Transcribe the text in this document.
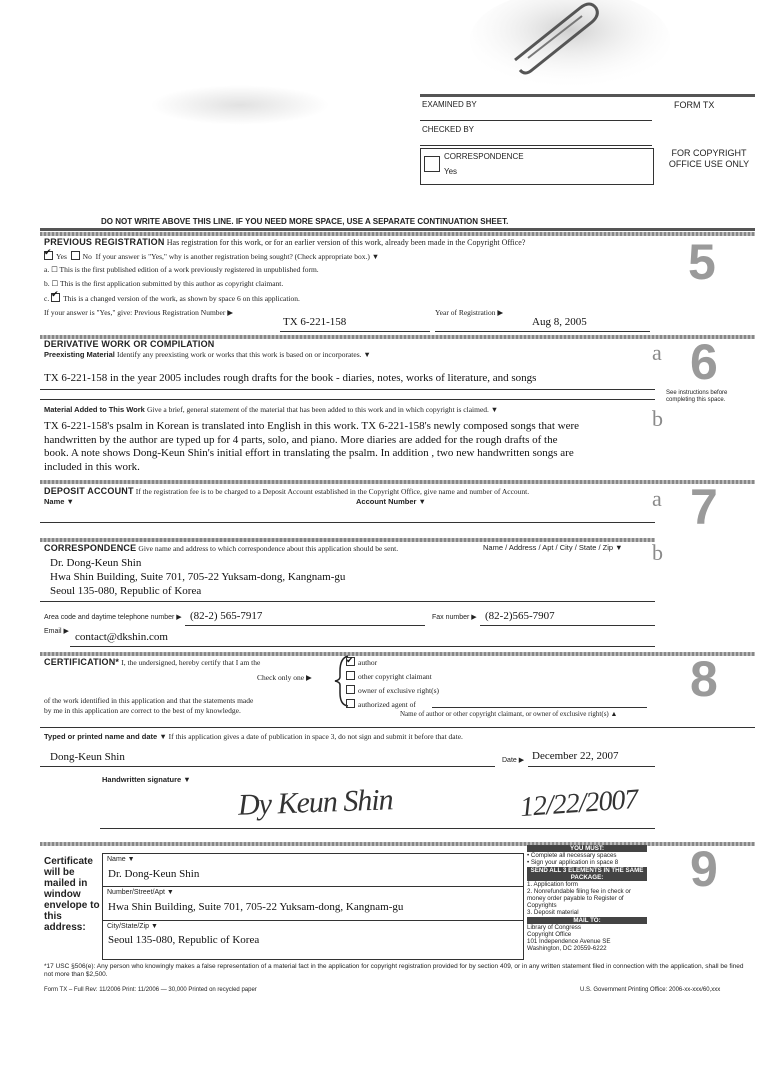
EXAMINED BY
CHECKED BY
CORRESPONDENCE
Yes
FORM TX
FOR COPYRIGHT OFFICE USE ONLY
DO NOT WRITE ABOVE THIS LINE. IF YOU NEED MORE SPACE, USE A SEPARATE CONTINUATION SHEET.
PREVIOUS REGISTRATION Has registration for this work, or for an earlier version of this work, already been made in the Copyright Office?
✔Yes No If your answer is "Yes," why is another registration being sought? (Check appropriate box.) ▼
a. ☐ This is the first published edition of a work previously registered in unpublished form.
b. ☐ This is the first application submitted by this author as copyright claimant.
c. ✔ This is a changed version of the work, as shown by space 6 on this application.
If your answer is "Yes," give: Previous Registration Number ▶
TX 6-221-158
Year of Registration ▶
Aug 8, 2005
5
DERIVATIVE WORK OR COMPILATION
Preexisting Material Identify any preexisting work or works that this work is based on or incorporates. ▼
TX 6-221-158 in the year 2005 includes rough drafts for the book - diaries, notes, works of literature, and songs
a 6
See instructions before completing this space.
Material Added to This Work Give a brief, general statement of the material that has been added to this work and in which copyright is claimed. ▼	b
TX 6-221-158's psalm in Korean is translated into English in this work. TX 6-221-158's newly composed songs that were
handwritten by the author are typed up for 4 parts, solo, and piano. More diaries are added for the rough drafts of the
book. A note shows Dong-Keun Shin's initial effort in translating the psalm. In addition , two new handwritten songs are
included in this work.
DEPOSIT ACCOUNT If the registration fee is to be charged to a Deposit Account established in the Copyright Office, give name and number of Account.
Name ▼	Account Number ▼	a 7
CORRESPONDENCE Give name and address to which correspondence about this application should be sent.	Name / Address / Apt / City / State / Zip ▼ b
Dr. Dong-Keun Shin
Hwa Shin Building, Suite 701, 705-22 Yuksam-dong, Kangnam-gu
Seoul 135-080, Republic of Korea
Area code and daytime telephone number ▶ (82-2) 565-7917	Fax number ▶ (82-2)565-7907
Email ▶ contact@dkshin.com
CERTIFICATION* I, the undersigned, hereby certify that I am the
Check only one ▶
✔author
other copyright claimant
owner of exclusive right(s)
authorized agent of
Name of author or other copyright claimant, or owner of exclusive right(s) ▲
of the work identified in this application and that the statements made
by me in this application are correct to the best of my knowledge.
8
Typed or printed name and date ▼ If this application gives a date of publication in space 3, do not sign and submit it before that date.
Dong-Keun Shin	Date ▶ December 22, 2007
Handwritten signature ▼
Dy Keun Shin	12/22/2007
Certificate will be mailed in window envelope to this address:
Name ▼
Dr. Dong-Keun Shin
Number/Street/Apt ▼
Hwa Shin Building, Suite 701, 705-22 Yuksam-dong, Kangnam-gu
City/State/Zip ▼
Seoul 135-080, Republic of Korea
YOU MUST:
• Complete all necessary spaces
• Sign your application in space 8
SEND ALL 3 ELEMENTS IN THE SAME PACKAGE:
1. Application form
2. Nonrefundable filing fee in check or money order payable to Register of Copyrights
3. Deposit material
MAIL TO:
Library of Congress
Copyright Office
101 Independence Avenue SE
Washington, DC 20559-6222
9
*17 USC §506(e): Any person who knowingly makes a false representation of a material fact in the application for copyright registration provided for by section 409, or in any written statement filed in connection with the application, shall be fined not more than $2,500.
Form TX – Full Rev: 11/2006 Print: 11/2006 — 30,000 Printed on recycled paper	U.S. Government Printing Office: 2006-xx-xxx/60,xxx
